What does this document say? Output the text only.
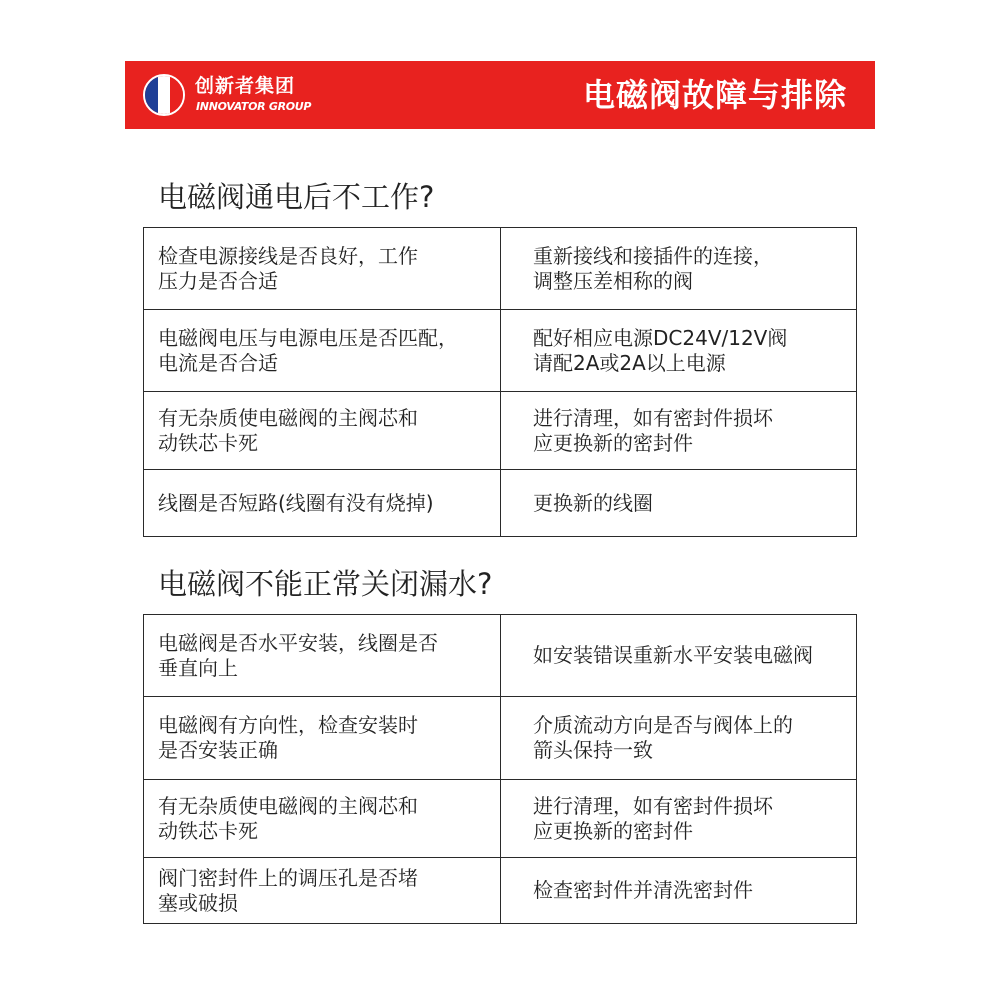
创新者集团
INNOVATOR GROUP	电磁阀故障与排除
电磁阀通电后不工作?
检查电源接线是否良好，工作
压力是否合适	重新接线和接插件的连接，
调整压差相称的阀

电磁阀电压与电源电压是否匹配，
电流是否合适	配好相应电源DC24V/12V阀
请配2A或2A以上电源

有无杂质使电磁阀的主阀芯和
动铁芯卡死	进行清理，如有密封件损坏
应更换新的密封件

线圈是否短路(线圈有没有烧掉)	更换新的线圈
电磁阀不能正常关闭漏水?
电磁阀是否水平安装，线圈是否
垂直向上	如安装错误重新水平安装电磁阀

电磁阀有方向性，检查安装时
是否安装正确	介质流动方向是否与阀体上的
箭头保持一致

有无杂质使电磁阀的主阀芯和
动铁芯卡死	进行清理，如有密封件损坏
应更换新的密封件

阀门密封件上的调压孔是否堵
塞或破损	检查密封件并清洗密封件
